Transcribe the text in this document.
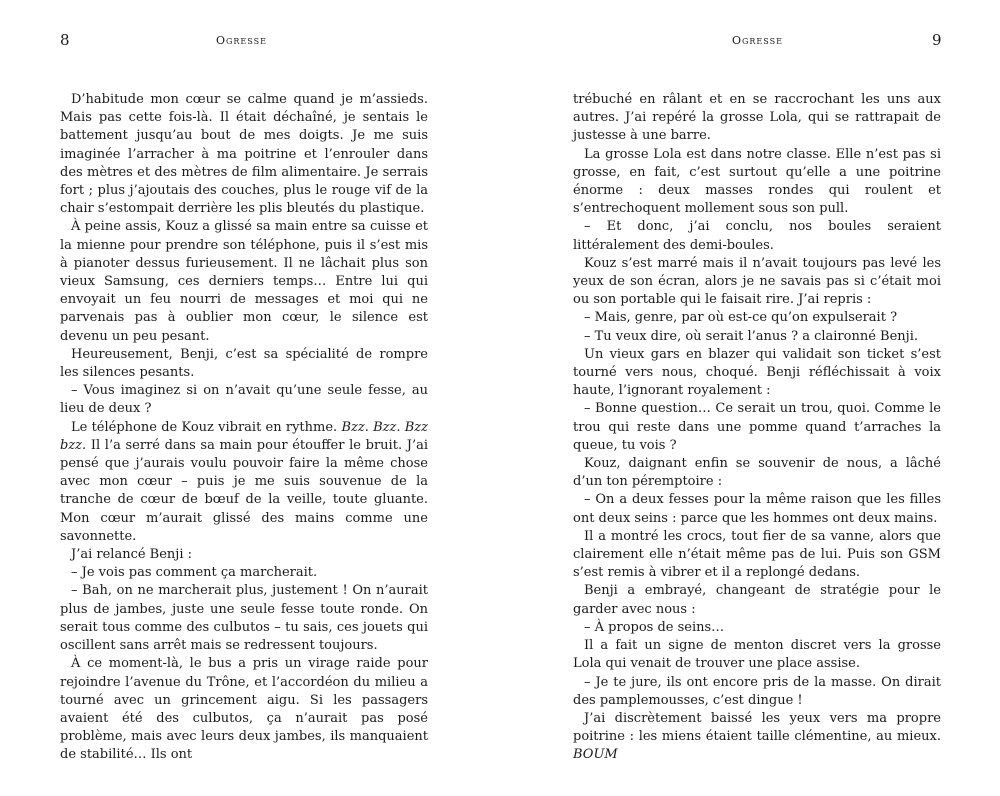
8	Ogresse

D’habitude mon cœur se calme quand je m’assieds. Mais pas cette fois-là. Il était déchaîné, je sentais le battement jusqu’au bout de mes doigts. Je me suis imaginée l’arracher à ma poitrine et l’enrouler dans des mètres et des mètres de film alimentaire. Je serrais fort ; plus j’ajoutais des couches, plus le rouge vif de la chair s’estompait derrière les plis bleutés du plastique.

À peine assis, Kouz a glissé sa main entre sa cuisse et la mienne pour prendre son téléphone, puis il s’est mis à pianoter dessus furieusement. Il ne lâchait plus son vieux Samsung, ces derniers temps… Entre lui qui envoyait un feu nourri de messages et moi qui ne parvenais pas à oublier mon cœur, le silence est devenu un peu pesant.

Heureusement, Benji, c’est sa spécialité de rompre les silences pesants.

– Vous imaginez si on n’avait qu’une seule fesse, au lieu de deux ?

Le téléphone de Kouz vibrait en rythme. Bzz. Bzz. Bzz bzz. Il l’a serré dans sa main pour étouffer le bruit. J’ai pensé que j’aurais voulu pouvoir faire la même chose avec mon cœur – puis je me suis souvenue de la tranche de cœur de bœuf de la veille, toute gluante. Mon cœur m’aurait glissé des mains comme une savonnette.

J’ai relancé Benji :

– Je vois pas comment ça marcherait.

– Bah, on ne marcherait plus, justement ! On n’aurait plus de jambes, juste une seule fesse toute ronde. On serait tous comme des culbutos – tu sais, ces jouets qui oscillent sans arrêt mais se redressent toujours.

À ce moment-là, le bus a pris un virage raide pour rejoindre l’avenue du Trône, et l’accordéon du milieu a tourné avec un grincement aigu. Si les passagers avaient été des culbutos, ça n’aurait pas posé problème, mais avec leurs deux jambes, ils manquaient de stabilité… Ils ont

Ogresse	9

trébuché en râlant et en se raccrochant les uns aux autres. J’ai repéré la grosse Lola, qui se rattrapait de justesse à une barre.

La grosse Lola est dans notre classe. Elle n’est pas si grosse, en fait, c’est surtout qu’elle a une poitrine énorme : deux masses rondes qui roulent et s’entrechoquent mollement sous son pull.

– Et donc, j’ai conclu, nos boules seraient littéralement des demi-boules.

Kouz s’est marré mais il n’avait toujours pas levé les yeux de son écran, alors je ne savais pas si c’était moi ou son portable qui le faisait rire. J’ai repris :

– Mais, genre, par où est-ce qu’on expulserait ?

– Tu veux dire, où serait l’anus ? a claironné Benji.

Un vieux gars en blazer qui validait son ticket s’est tourné vers nous, choqué. Benji réfléchissait à voix haute, l’ignorant royalement :

– Bonne question… Ce serait un trou, quoi. Comme le trou qui reste dans une pomme quand t’arraches la queue, tu vois ?

Kouz, daignant enfin se souvenir de nous, a lâché d’un ton péremptoire :

– On a deux fesses pour la même raison que les filles ont deux seins : parce que les hommes ont deux mains.

Il a montré les crocs, tout fier de sa vanne, alors que clairement elle n’était même pas de lui. Puis son GSM s’est remis à vibrer et il a replongé dedans.

Benji a embrayé, changeant de stratégie pour le garder avec nous :

– À propos de seins…

Il a fait un signe de menton discret vers la grosse Lola qui venait de trouver une place assise.

– Je te jure, ils ont encore pris de la masse. On dirait des pamplemousses, c’est dingue !

J’ai discrètement baissé les yeux vers ma propre poitrine : les miens étaient taille clémentine, au mieux. BOUM
